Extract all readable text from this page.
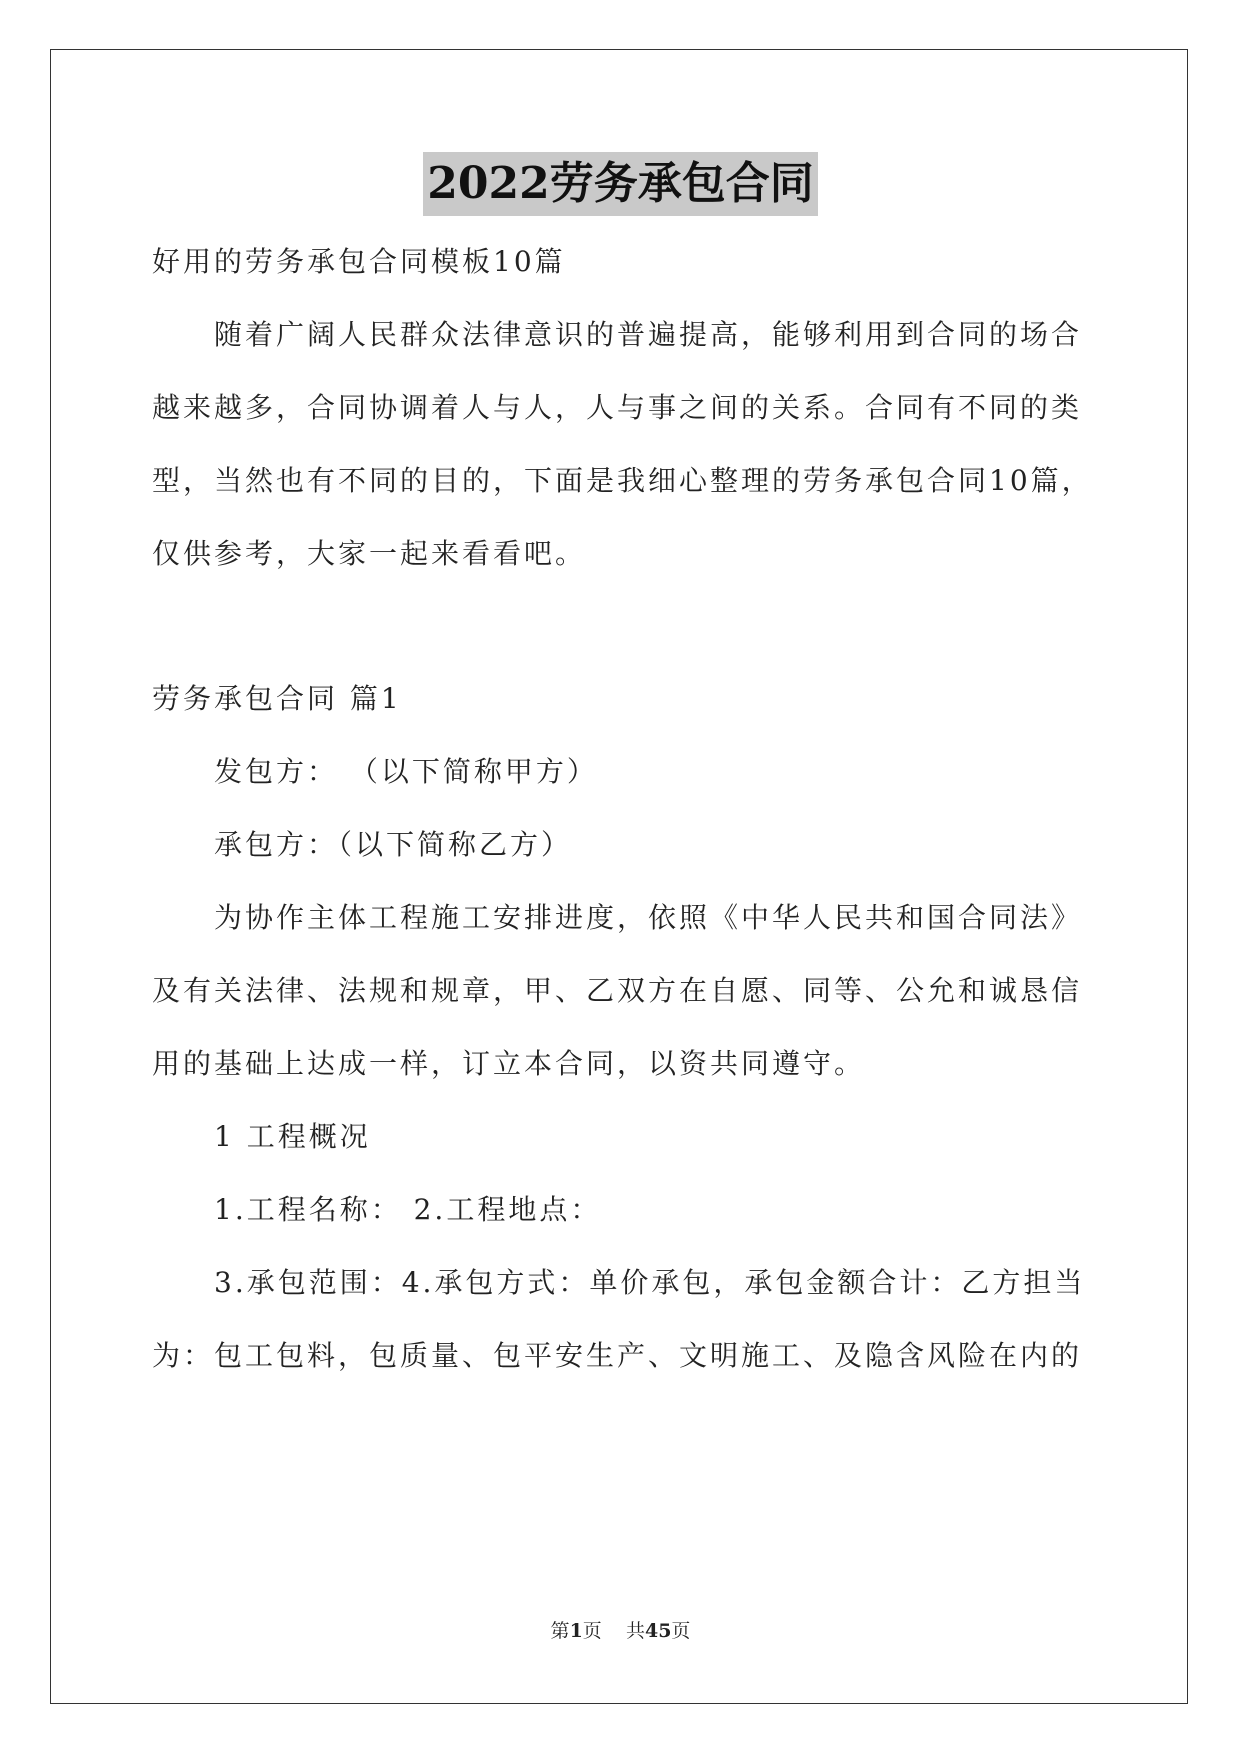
2022劳务承包合同
好用的劳务承包合同模板10篇
随着广阔人民群众法律意识的普遍提高，能够利用到合同的场合
越来越多，合同协调着人与人，人与事之间的关系。合同有不同的类
型，当然也有不同的目的，下面是我细心整理的劳务承包合同10篇，
仅供参考，大家一起来看看吧。
劳务承包合同 篇1
发包方： （以下简称甲方）
承包方：（以下简称乙方）
为协作主体工程施工安排进度，依照《中华人民共和国合同法》
及有关法律、法规和规章，甲、乙双方在自愿、同等、公允和诚恳信
用的基础上达成一样，订立本合同，以资共同遵守。
1 工程概况
1.工程名称： 2.工程地点：
3.承包范围：4.承包方式：单价承包，承包金额合计：乙方担当
为：包工包料，包质量、包平安生产、文明施工、及隐含风险在内的
第1页    共45页
